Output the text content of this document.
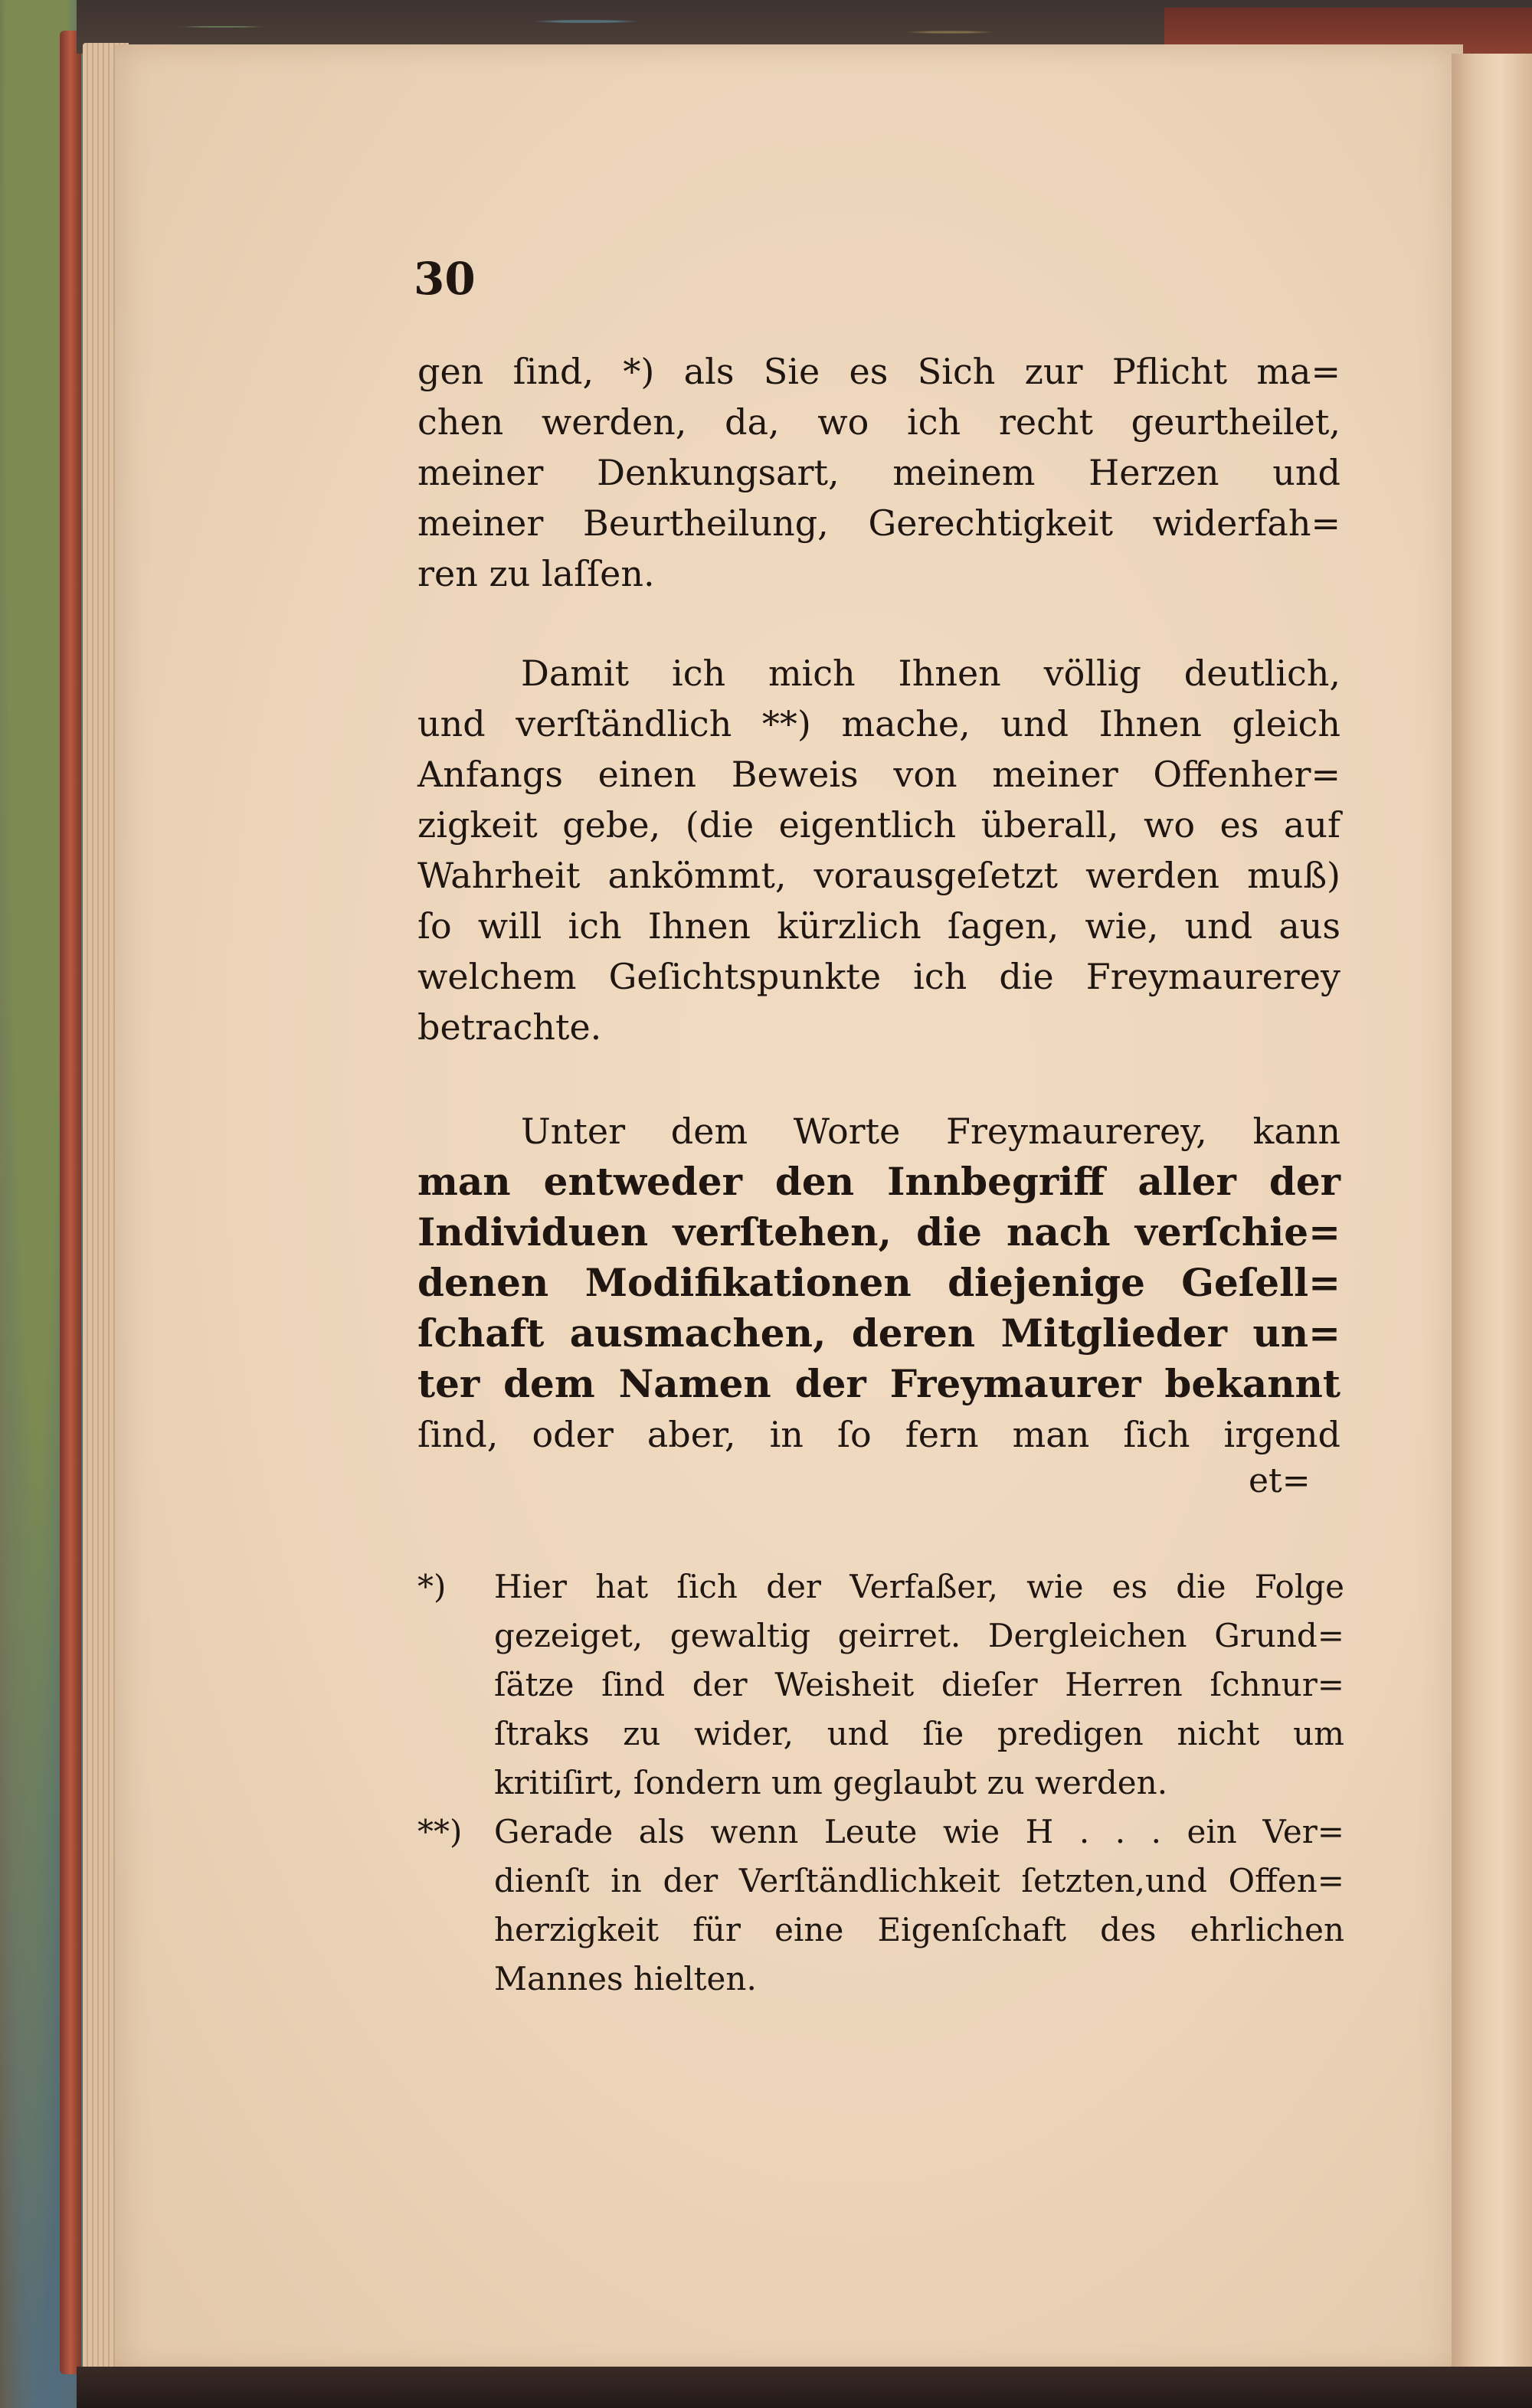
30
gen ſind, *) als Sie es Sich zur Pflicht ma=
chen werden, da, wo ich recht geurtheilet,
meiner Denkungsart, meinem Herzen und
meiner Beurtheilung, Gerechtigkeit widerfah=
ren zu laſſen.
Damit ich mich Ihnen völlig deutlich,
und verſtändlich **) mache, und Ihnen gleich
Anfangs einen Beweis von meiner Offenher=
zigkeit gebe, (die eigentlich überall, wo es auf
Wahrheit ankömmt, vorausgeſetzt werden muß)
ſo will ich Ihnen kürzlich ſagen, wie, und aus
welchem Geſichtspunkte ich die Freymaurerey
betrachte.
Unter dem Worte Freymaurerey, kann
man entweder den Innbegriff aller der
Individuen verſtehen, die nach verſchie=
denen Modifikationen diejenige Geſell=
ſchaft ausmachen, deren Mitglieder un=
ter dem Namen der Freymaurer bekannt
ſind, oder aber, in ſo fern man ſich irgend
et=
*)	Hier hat ſich der Verfaßer, wie es die Folge
gezeiget, gewaltig geirret. Dergleichen Grund=
ſätze ſind der Weisheit dieſer Herren ſchnur=
ſtraks zu wider, und ſie predigen nicht um
kritiſirt, ſondern um geglaubt zu werden.
**) Gerade als wenn Leute wie H . . . ein Ver=
dienſt in der Verſtändlichkeit ſetzten,und Offen=
herzigkeit für eine Eigenſchaft des ehrlichen
Mannes hielten.
